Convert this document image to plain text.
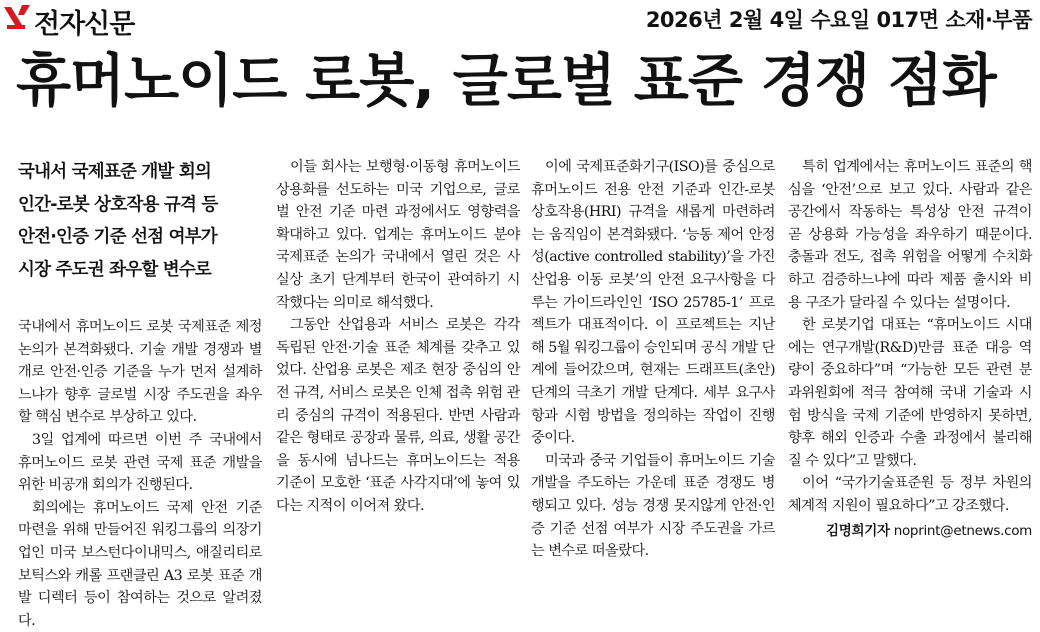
전자신문	2026년 2월 4일 수요일 017면 소재·부품
휴머노이드 로봇, 글로벌 표준 경쟁 점화
국내서 국제표준 개발 회의
인간-로봇 상호작용 규격 등
안전·인증 기준 선점 여부가
시장 주도권 좌우할 변수로

국내에서 휴머노이드 로봇 국제표준 제정 논의가 본격화됐다. 기술 개발 경쟁과 별개로 안전·인증 기준을 누가 먼저 설계하느냐가 향후 글로벌 시장 주도권을 좌우할 핵심 변수로 부상하고 있다.

3일 업계에 따르면 이번 주 국내에서 휴머노이드 로봇 관련 국제 표준 개발을 위한 비공개 회의가 진행된다.

회의에는 휴머노이드 국제 안전 기준 마련을 위해 만들어진 워킹그룹의 의장기업인 미국 보스턴다이내믹스, 애질리티로보틱스와 캐롤 프랜클린 A3 로봇 표준 개발 디렉터 등이 참여하는 것으로 알려졌다.

이들 회사는 보행형·이동형 휴머노이드 상용화를 선도하는 미국 기업으로, 글로벌 안전 기준 마련 과정에서도 영향력을 확대하고 있다. 업계는 휴머노이드 분야 국제표준 논의가 국내에서 열린 것은 사실상 초기 단계부터 한국이 관여하기 시작했다는 의미로 해석했다.

그동안 산업용과 서비스 로봇은 각각 독립된 안전·기술 표준 체계를 갖추고 있었다. 산업용 로봇은 제조 현장 중심의 안전 규격, 서비스 로봇은 인체 접촉 위험 관리 중심의 규격이 적용된다. 반면 사람과 같은 형태로 공장과 물류, 의료, 생활 공간을 동시에 넘나드는 휴머노이드는 적용 기준이 모호한 ‘표준 사각지대’에 놓여 있다는 지적이 이어져 왔다.

이에 국제표준화기구(ISO)를 중심으로 휴머노이드 전용 안전 기준과 인간-로봇 상호작용(HRI) 규격을 새롭게 마련하려는 움직임이 본격화됐다. ‘능동 제어 안정성(active controlled stability)’을 가진 산업용 이동 로봇’의 안전 요구사항을 다루는 가이드라인인 ‘ISO 25785-1’ 프로젝트가 대표적이다. 이 프로젝트는 지난해 5월 워킹그룹이 승인되며 공식 개발 단계에 들어갔으며, 현재는 드래프트(초안) 단계의 극초기 개발 단계다. 세부 요구사항과 시험 방법을 정의하는 작업이 진행 중이다.

미국과 중국 기업들이 휴머노이드 기술 개발을 주도하는 가운데 표준 경쟁도 병행되고 있다. 성능 경쟁 못지않게 안전·인증 기준 선점 여부가 시장 주도권을 가르는 변수로 떠올랐다.

특히 업계에서는 휴머노이드 표준의 핵심을 ‘안전’으로 보고 있다. 사람과 같은 공간에서 작동하는 특성상 안전 규격이 곧 상용화 가능성을 좌우하기 때문이다. 충돌과 전도, 접촉 위험을 어떻게 수치화하고 검증하느냐에 따라 제품 출시와 비용 구조가 달라질 수 있다는 설명이다.

한 로봇기업 대표는 “휴머노이드 시대에는 연구개발(R&D)만큼 표준 대응 역량이 중요하다”며 “가능한 모든 관련 분과위원회에 적극 참여해 국내 기술과 시험 방식을 국제 기준에 반영하지 못하면, 향후 해외 인증과 수출 과정에서 불리해질 수 있다”고 말했다.

이어 “국가기술표준원 등 정부 차원의 체계적 지원이 필요하다”고 강조했다.

김명희기자 noprint@etnews.com
